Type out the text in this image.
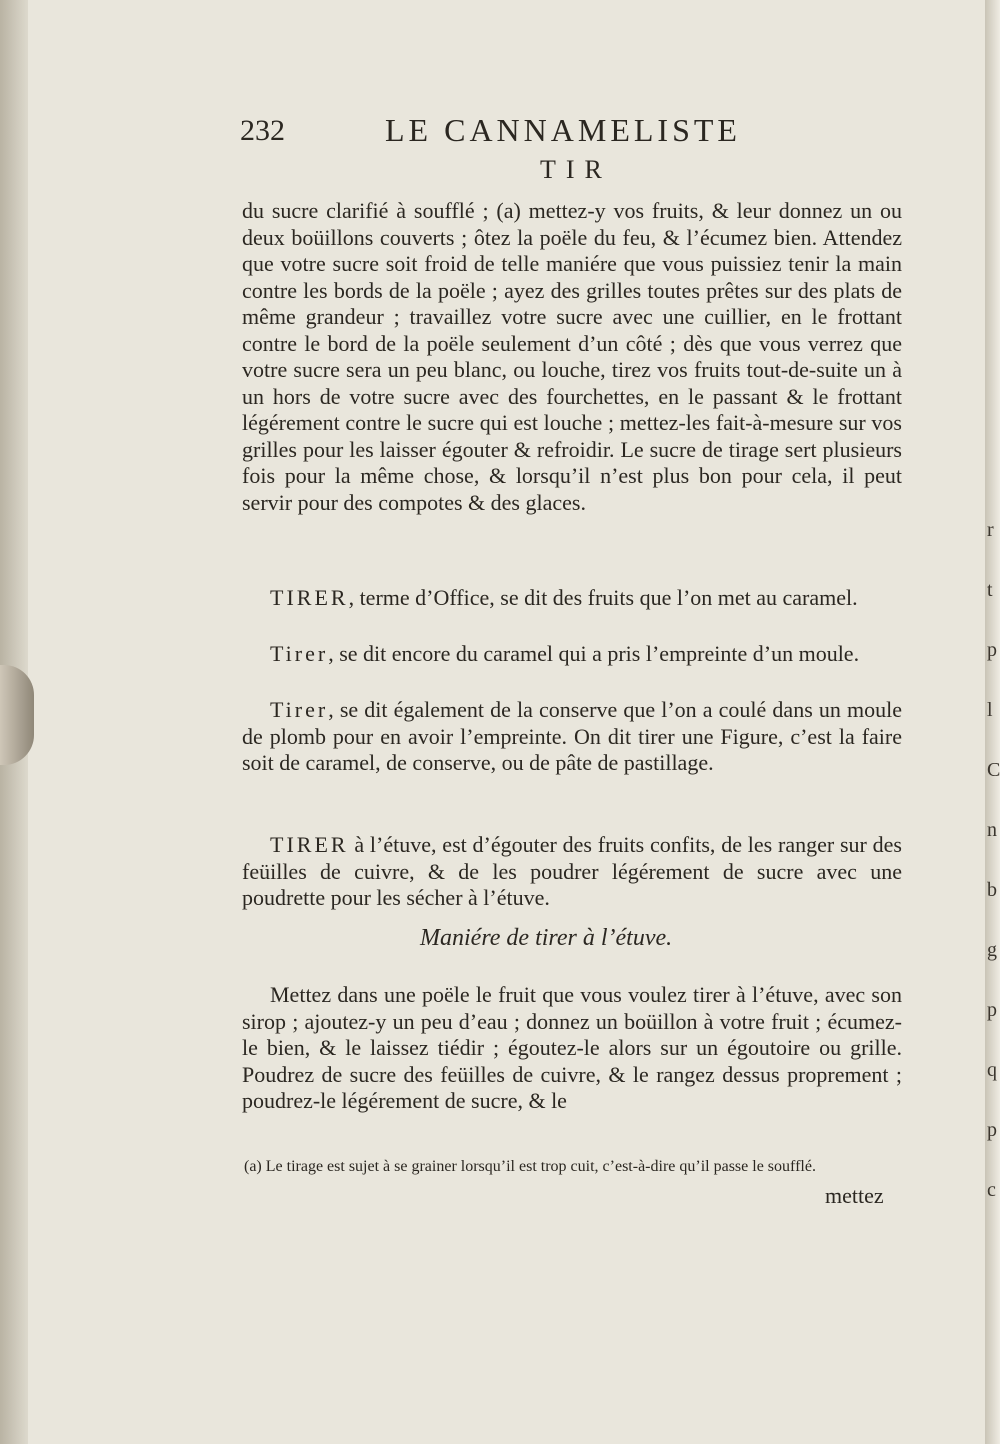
232	LE CANNAMELISTE
TIR
du sucre clarifié à soufflé ; (a) mettez-y vos fruits, & leur donnez un ou deux boüillons couverts ; ôtez la poële du feu, & l’écumez bien. Attendez que votre sucre soit froid de telle maniére que vous puissiez tenir la main contre les bords de la poële ; ayez des grilles toutes prêtes sur des plats de même grandeur ; travaillez votre sucre avec une cuillier, en le frottant contre le bord de la poële seulement d’un côté ; dès que vous verrez que votre sucre sera un peu blanc, ou louche, tirez vos fruits tout-de-suite un à un hors de votre sucre avec des fourchettes, en le passant & le frottant légérement contre le sucre qui est louche ; mettez-les fait-à-mesure sur vos grilles pour les laisser égouter & refroidir. Le sucre de tirage sert plusieurs fois pour la même chose, & lorsqu’il n’est plus bon pour cela, il peut servir pour des compotes & des glaces.
TIRER, terme d’Office, se dit des fruits que l’on met au caramel.
Tirer, se dit encore du caramel qui a pris l’empreinte d’un moule.
Tirer, se dit également de la conserve que l’on a coulé dans un moule de plomb pour en avoir l’empreinte. On dit tirer une Figure, c’est la faire soit de caramel, de conserve, ou de pâte de pastillage.
TIRER à l’étuve, est d’égouter des fruits confits, de les ranger sur des feüilles de cuivre, & de les poudrer légérement de sucre avec une poudrette pour les sécher à l’étuve.
Maniére de tirer à l’étuve.
Mettez dans une poële le fruit que vous voulez tirer à l’étuve, avec son sirop ; ajoutez-y un peu d’eau ; donnez un boüillon à votre fruit ; écumez-le bien, & le laissez tiédir ; égoutez-le alors sur un égoutoire ou grille. Poudrez de sucre des feüilles de cuivre, & le rangez dessus proprement ; poudrez-le légérement de sucre, & le
(a) Le tirage est sujet à se grainer lorsqu’il est trop cuit, c’est-à-dire qu’il passe le soufflé.
mettez
r t p l C n b g p q p c
